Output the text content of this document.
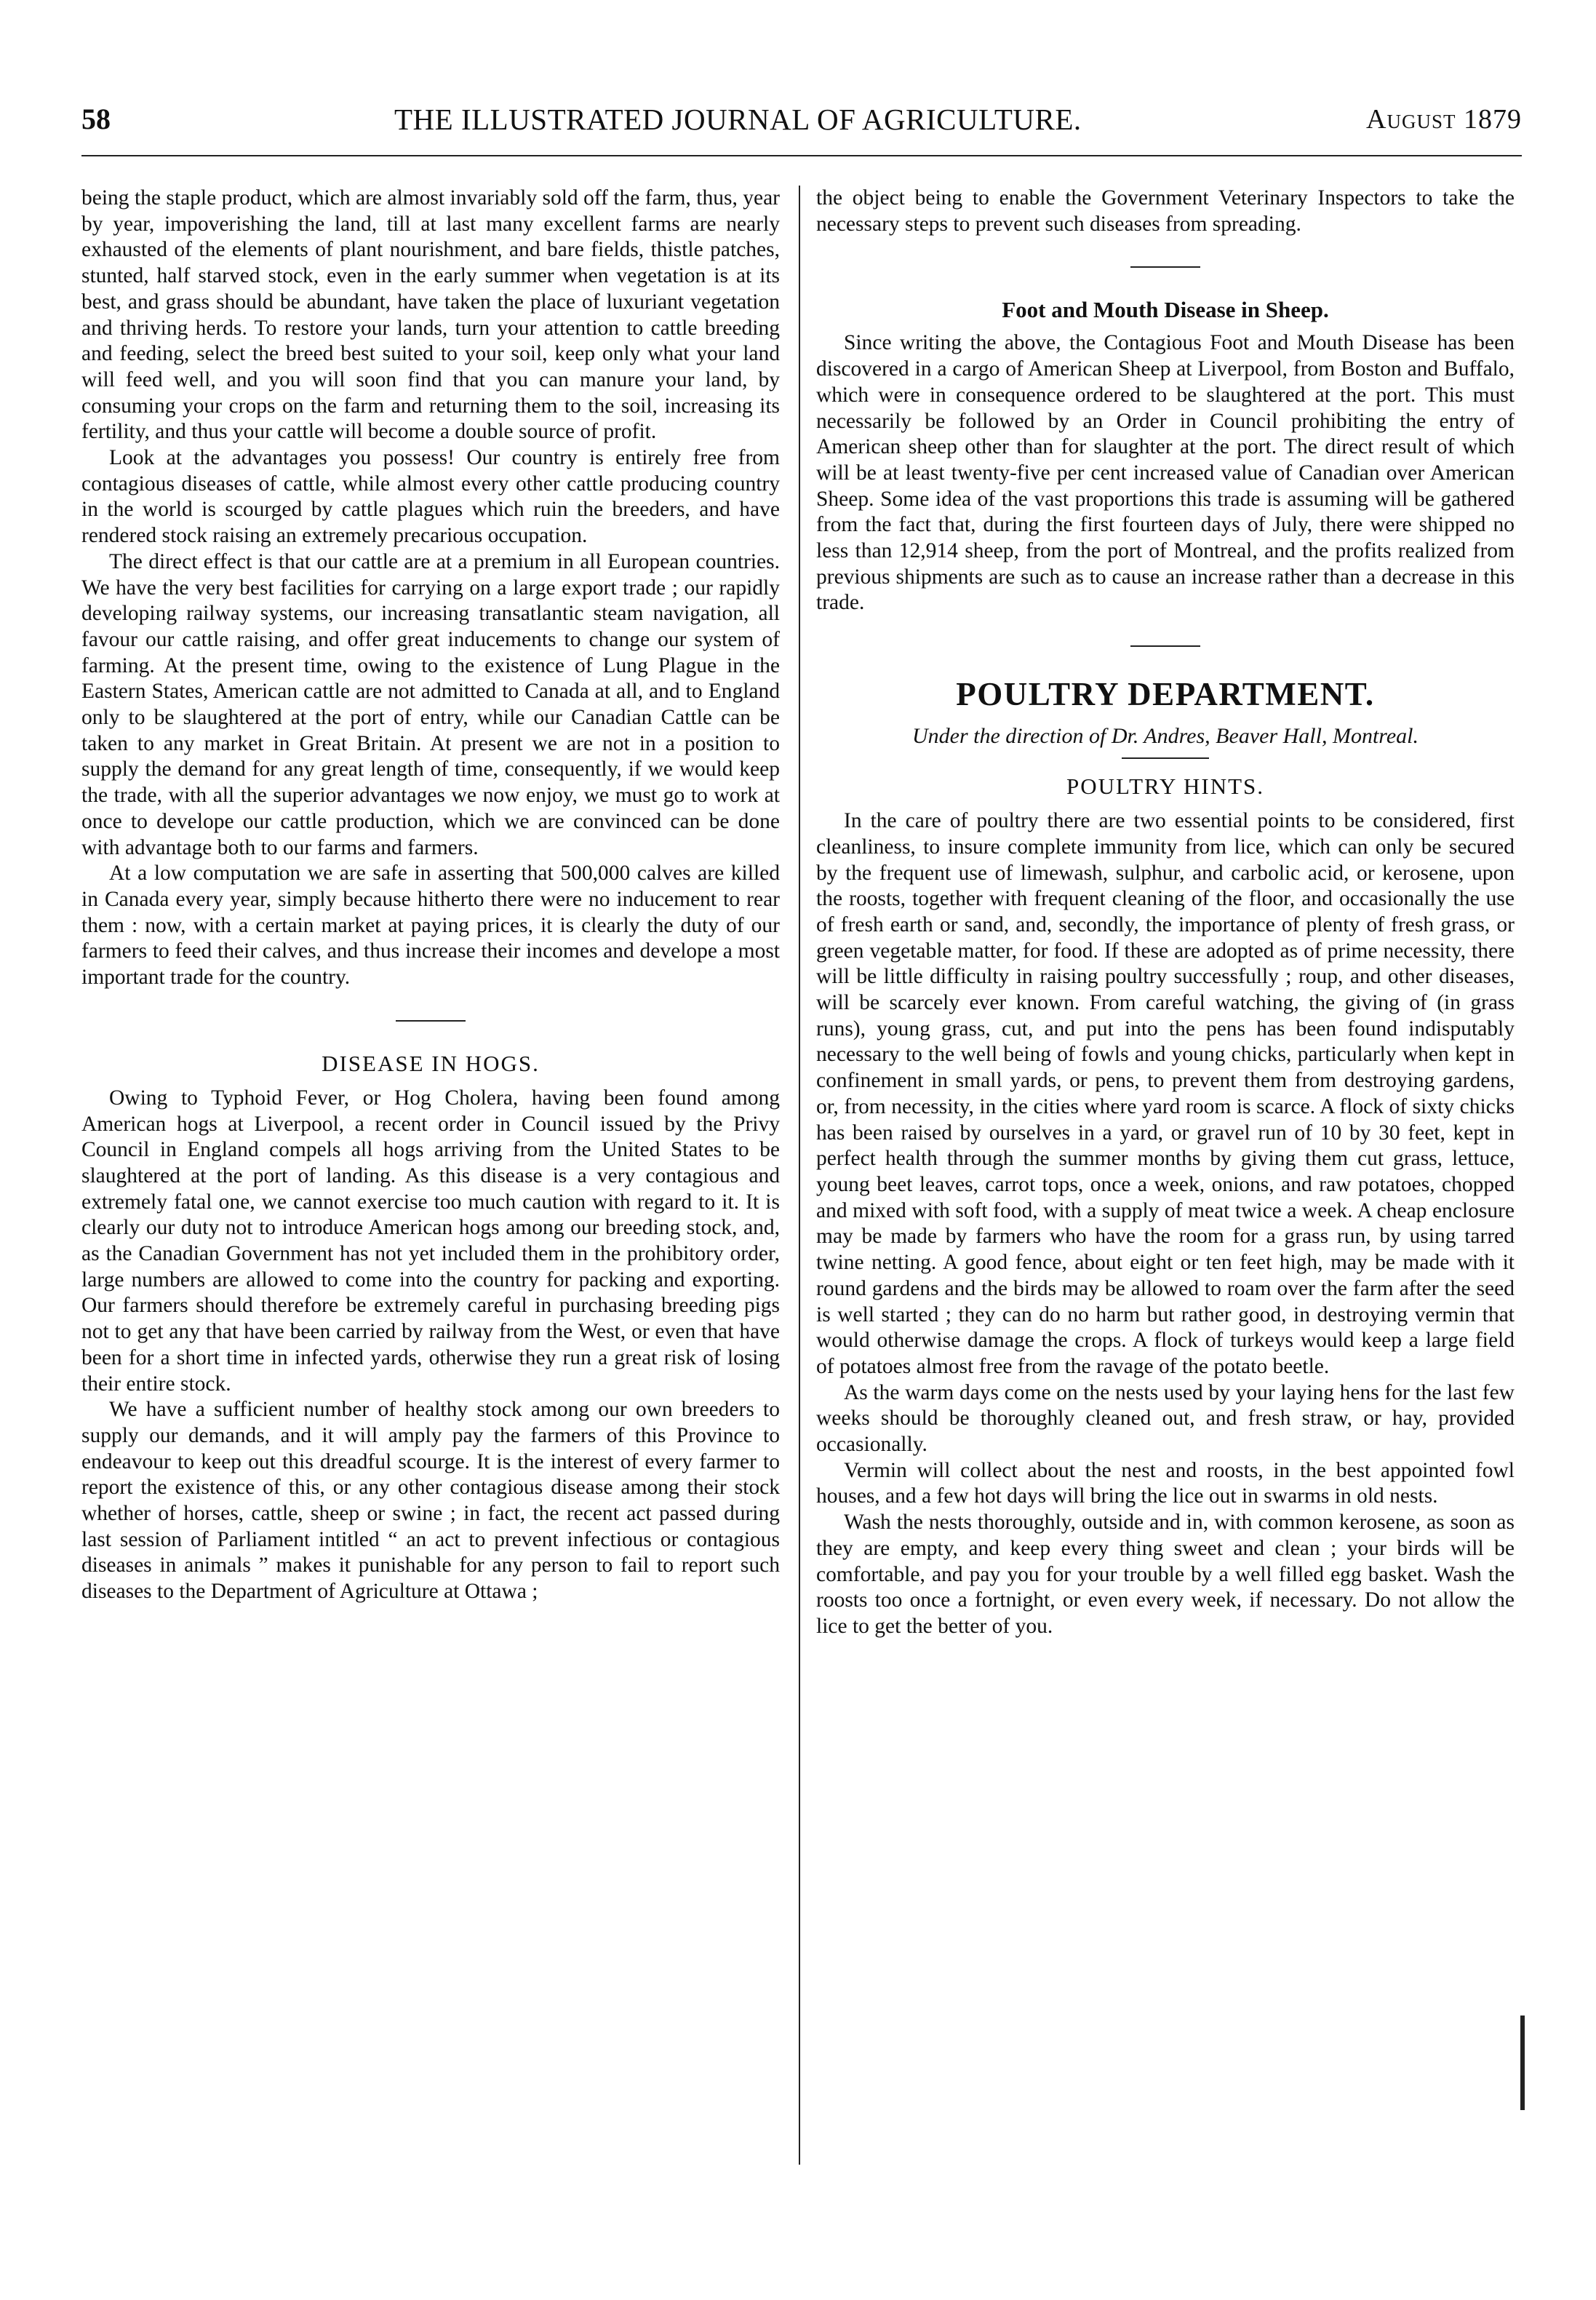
58	THE ILLUSTRATED JOURNAL OF AGRICULTURE.	August 1879

being the staple product, which are almost invariably sold off the farm, thus, year by year, impoverishing the land, till at last many excellent farms are nearly exhausted of the elements of plant nourishment, and bare fields, thistle patches, stunted, half starved stock, even in the early summer when vegetation is at its best, and grass should be abundant, have taken the place of luxuriant vegetation and thriving herds. To restore your lands, turn your attention to cattle breeding and feeding, select the breed best suited to your soil, keep only what your land will feed well, and you will soon find that you can manure your land, by consuming your crops on the farm and returning them to the soil, increasing its fertility, and thus your cattle will become a double source of profit.

Look at the advantages you possess! Our country is entirely free from contagious diseases of cattle, while almost every other cattle producing country in the world is scourged by cattle plagues which ruin the breeders, and have rendered stock raising an extremely precarious occupation.

The direct effect is that our cattle are at a premium in all European countries. We have the very best facilities for carrying on a large export trade ; our rapidly developing railway systems, our increasing transatlantic steam navigation, all favour our cattle raising, and offer great inducements to change our system of farming. At the present time, owing to the existence of Lung Plague in the Eastern States, American cattle are not admitted to Canada at all, and to England only to be slaughtered at the port of entry, while our Canadian Cattle can be taken to any market in Great Britain. At present we are not in a position to supply the demand for any great length of time, consequently, if we would keep the trade, with all the superior advantages we now enjoy, we must go to work at once to develope our cattle production, which we are convinced can be done with advantage both to our farms and farmers.

At a low computation we are safe in asserting that 500,000 calves are killed in Canada every year, simply because hitherto there were no inducement to rear them : now, with a certain market at paying prices, it is clearly the duty of our farmers to feed their calves, and thus increase their incomes and develope a most important trade for the country.

DISEASE IN HOGS.

Owing to Typhoid Fever, or Hog Cholera, having been found among American hogs at Liverpool, a recent order in Council issued by the Privy Council in England compels all hogs arriving from the United States to be slaughtered at the port of landing. As this disease is a very contagious and extremely fatal one, we cannot exercise too much caution with regard to it. It is clearly our duty not to introduce American hogs among our breeding stock, and, as the Canadian Government has not yet included them in the prohibitory order, large numbers are allowed to come into the country for packing and exporting. Our farmers should therefore be extremely careful in purchasing breeding pigs not to get any that have been carried by railway from the West, or even that have been for a short time in infected yards, otherwise they run a great risk of losing their entire stock.

We have a sufficient number of healthy stock among our own breeders to supply our demands, and it will amply pay the farmers of this Province to endeavour to keep out this dreadful scourge. It is the interest of every farmer to report the existence of this, or any other contagious disease among their stock whether of horses, cattle, sheep or swine ; in fact, the recent act passed during last session of Parliament intitled “ an act to prevent infectious or contagious diseases in animals ” makes it punishable for any person to fail to report such diseases to the Department of Agriculture at Ottawa ;

the object being to enable the Government Veterinary Inspectors to take the necessary steps to prevent such diseases from spreading.

Foot and Mouth Disease in Sheep.

Since writing the above, the Contagious Foot and Mouth Disease has been discovered in a cargo of American Sheep at Liverpool, from Boston and Buffalo, which were in consequence ordered to be slaughtered at the port. This must necessarily be followed by an Order in Council prohibiting the entry of American sheep other than for slaughter at the port. The direct result of which will be at least twenty-five per cent increased value of Canadian over American Sheep. Some idea of the vast proportions this trade is assuming will be gathered from the fact that, during the first fourteen days of July, there were shipped no less than 12,914 sheep, from the port of Montreal, and the profits realized from previous shipments are such as to cause an increase rather than a decrease in this trade.

POULTRY DEPARTMENT.
Under the direction of Dr. Andres, Beaver Hall, Montreal.
POULTRY HINTS.

In the care of poultry there are two essential points to be considered, first cleanliness, to insure complete immunity from lice, which can only be secured by the frequent use of limewash, sulphur, and carbolic acid, or kerosene, upon the roosts, together with frequent cleaning of the floor, and occasionally the use of fresh earth or sand, and, secondly, the importance of plenty of fresh grass, or green vegetable matter, for food. If these are adopted as of prime necessity, there will be little difficulty in raising poultry successfully ; roup, and other diseases, will be scarcely ever known. From careful watching, the giving of (in grass runs), young grass, cut, and put into the pens has been found indisputably necessary to the well being of fowls and young chicks, particularly when kept in confinement in small yards, or pens, to prevent them from destroying gardens, or, from necessity, in the cities where yard room is scarce. A flock of sixty chicks has been raised by ourselves in a yard, or gravel run of 10 by 30 feet, kept in perfect health through the summer months by giving them cut grass, lettuce, young beet leaves, carrot tops, once a week, onions, and raw potatoes, chopped and mixed with soft food, with a supply of meat twice a week. A cheap enclosure may be made by farmers who have the room for a grass run, by using tarred twine netting. A good fence, about eight or ten feet high, may be made with it round gardens and the birds may be allowed to roam over the farm after the seed is well started ; they can do no harm but rather good, in destroying vermin that would otherwise damage the crops. A flock of turkeys would keep a large field of potatoes almost free from the ravage of the potato beetle.

As the warm days come on the nests used by your laying hens for the last few weeks should be thoroughly cleaned out, and fresh straw, or hay, provided occasionally.

Vermin will collect about the nest and roosts, in the best appointed fowl houses, and a few hot days will bring the lice out in swarms in old nests.

Wash the nests thoroughly, outside and in, with common kerosene, as soon as they are empty, and keep every thing sweet and clean ; your birds will be comfortable, and pay you for your trouble by a well filled egg basket. Wash the roosts too once a fortnight, or even every week, if necessary. Do not allow the lice to get the better of you.
